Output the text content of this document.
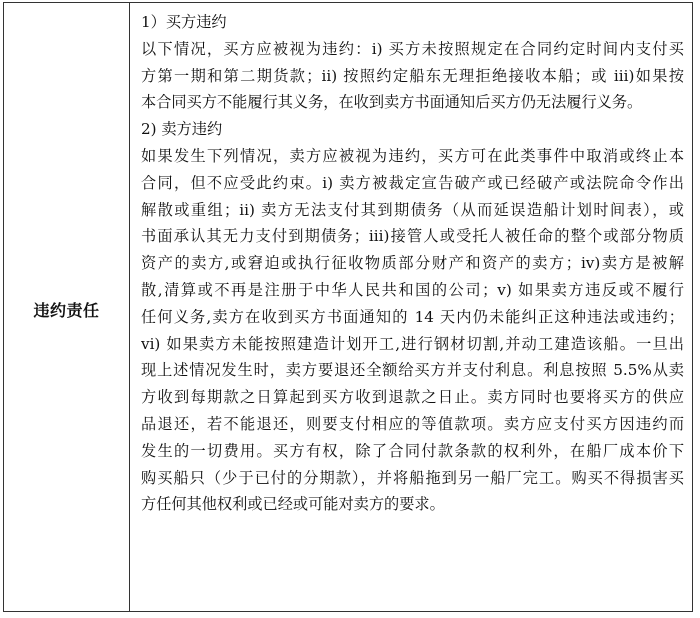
违约责任
1）买方违约
以下情况，买方应被视为违约：i) 买方未按照规定在合同约定时间内支付买
方第一期和第二期货款；ii) 按照约定船东无理拒绝接收本船；或 iii)如果按
本合同买方不能履行其义务，在收到卖方书面通知后买方仍无法履行义务。
2) 卖方违约
如果发生下列情况，卖方应被视为违约，买方可在此类事件中取消或终止本
合同，但不应受此约束。i) 卖方被裁定宣告破产或已经破产或法院命令作出
解散或重组；ii) 卖方无法支付其到期债务（从而延误造船计划时间表），或
书面承认其无力支付到期债务；iii)接管人或受托人被任命的整个或部分物质
资产的卖方,或窘迫或执行征收物质部分财产和资产的卖方；iv)卖方是被解
散,清算或不再是注册于中华人民共和国的公司；v) 如果卖方违反或不履行
任何义务,卖方在收到买方书面通知的 14 天内仍未能纠正这种违法或违约；
vi) 如果卖方未能按照建造计划开工,进行钢材切割,并动工建造该船。一旦出
现上述情况发生时，卖方要退还全额给买方并支付利息。利息按照 5.5%从卖
方收到每期款之日算起到买方收到退款之日止。卖方同时也要将买方的供应
品退还，若不能退还，则要支付相应的等值款项。卖方应支付买方因违约而
发生的一切费用。买方有权，除了合同付款条款的权利外，在船厂成本价下
购买船只（少于已付的分期款），并将船拖到另一船厂完工。购买不得损害买
方任何其他权利或已经或可能对卖方的要求。
